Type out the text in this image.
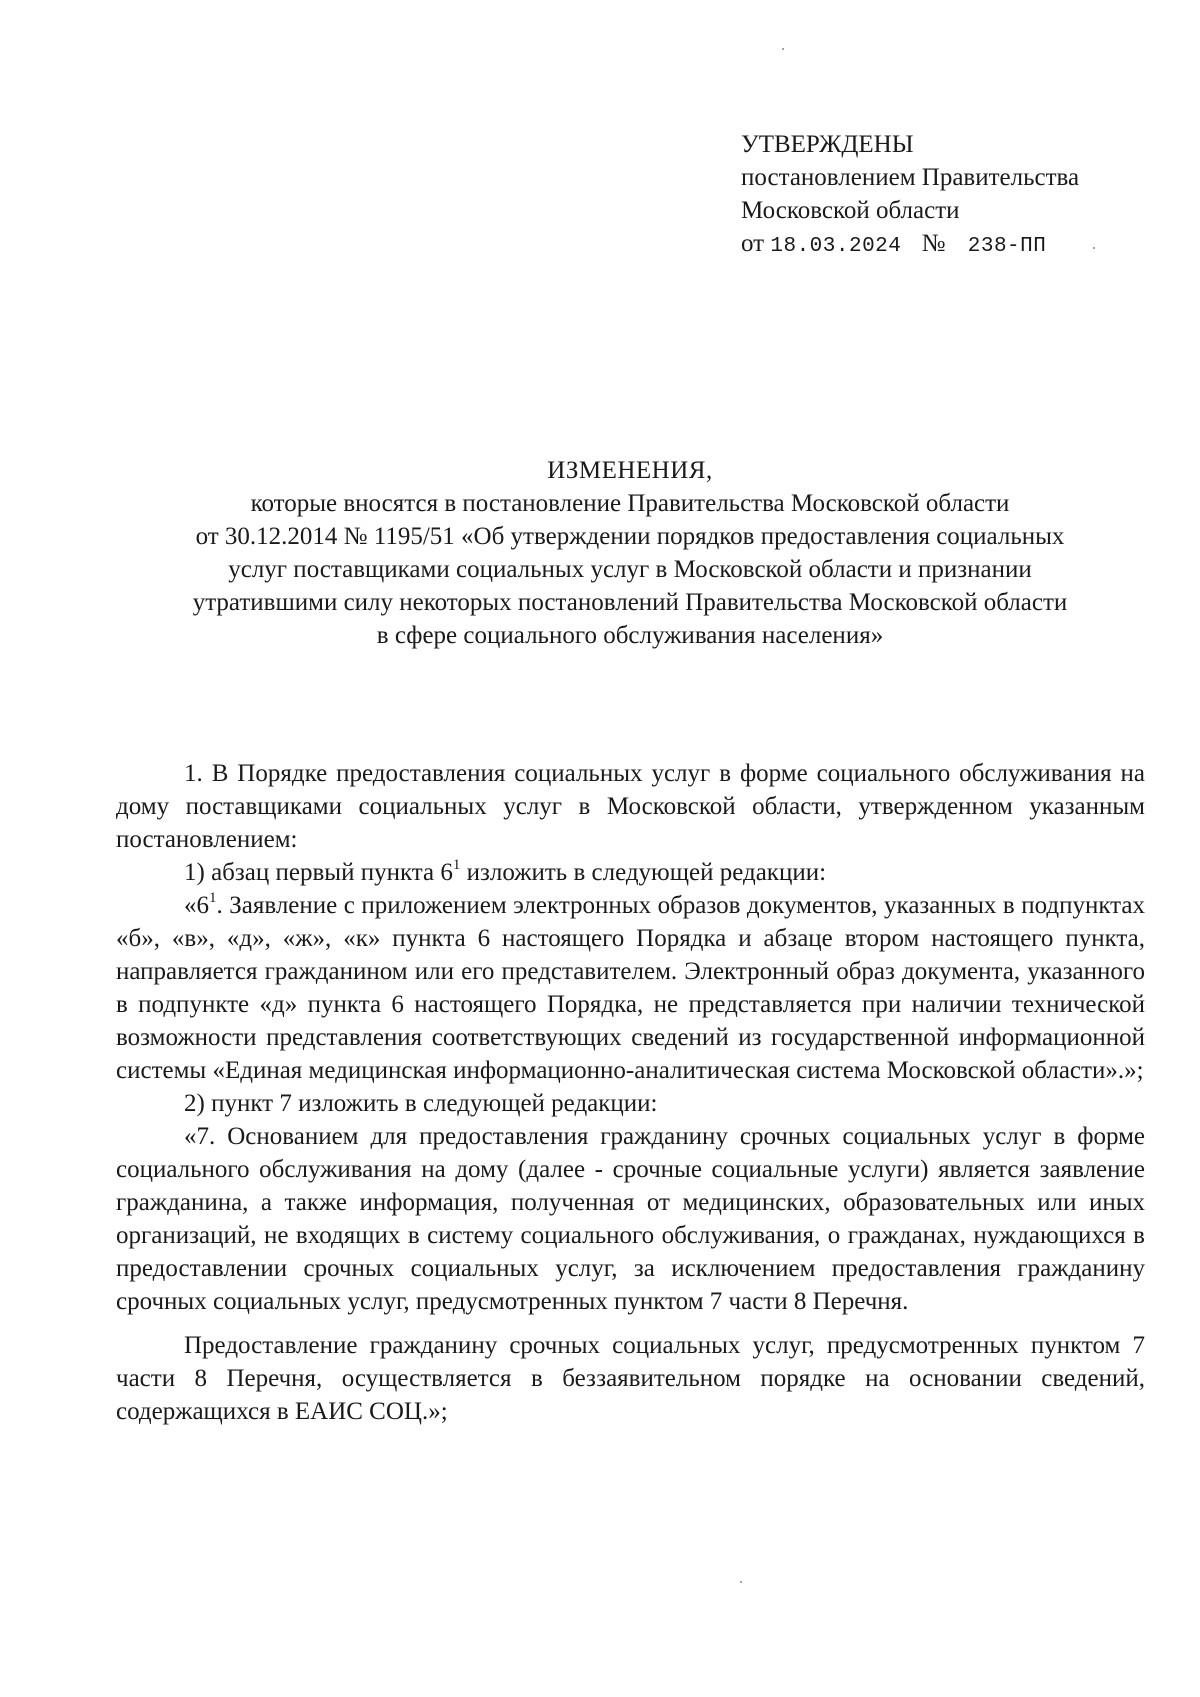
УТВЕРЖДЕНЫ
постановлением Правительства
Московской области
от 18.03.2024 № 238-ПП
ИЗМЕНЕНИЯ,
которые вносятся в постановление Правительства Московской области
от 30.12.2014 № 1195/51 «Об утверждении порядков предоставления социальных
услуг поставщиками социальных услуг в Московской области и признании
утратившими силу некоторых постановлений Правительства Московской области
в сфере социального обслуживания населения»

1. В Порядке предоставления социальных услуг в форме социального обслуживания на дому поставщиками социальных услуг в Московской области, утвержденном указанным постановлением:

1) абзац первый пункта $6^1$ изложить в следующей редакции:

«$6^1$. Заявление с приложением электронных образов документов, указанных в подпунктах «б», «в», «д», «ж», «к» пункта 6 настоящего Порядка и абзаце втором настоящего пункта, направляется гражданином или его представителем. Электронный образ документа, указанного в подпункте «д» пункта 6 настоящего Порядка, не представляется при наличии технической возможности представления соответствующих сведений из государственной информационной системы «Единая медицинская информационно-аналитическая система Московской области».»;

2) пункт 7 изложить в следующей редакции:

«7. Основанием для предоставления гражданину срочных социальных услуг в форме социального обслуживания на дому (далее - срочные социальные услуги) является заявление гражданина, а также информация, полученная от медицинских, образовательных или иных организаций, не входящих в систему социального обслуживания, о гражданах, нуждающихся в предоставлении срочных социальных услуг, за исключением предоставления гражданину срочных социальных услуг, предусмотренных пунктом 7 части 8 Перечня.

Предоставление гражданину срочных социальных услуг, предусмотренных пунктом 7 части 8 Перечня, осуществляется в беззаявительном порядке на основании сведений, содержащихся в ЕАИС СОЦ.»;
